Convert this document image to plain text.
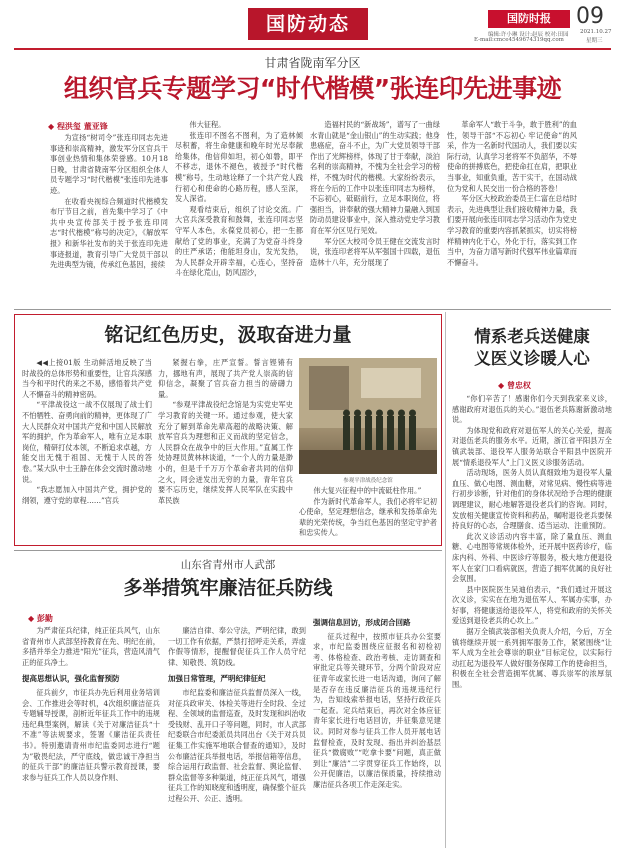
国防动态	国防时报	09
编辑:许小琳 设计:赵辰 校对:田园
E-mail:cmce4549674319qq.com
2021.10.27
星期三
甘肃省陇南军分区
组织官兵专题学习“时代楷模”张连印先进事迹
◆ 程洪玺 董亚锋

为宣扬“树司令”张连印同志先进事迹和崇高精神，激发军分区官兵干事创业热情和集体荣誉感。10月18日晚，甘肃省陇南军分区组织全体人员专题学习“时代楷模”张连印先进事迹。

在收看央视综合频道时代楷模发布厅节目之前，首先集中学习了《中共中央宣传部关于授予张连印同志“时代楷模”称号的决定》，《解放军报》和新华社发布的关于张连印先进事迹报道，教育引导广大党员干部以先进典型为镜，传承红色基因，接续

伟大征程。

张连印不图名不图利，为了造林倾尽积蓄，将生命健康和晚年时光尽奉献给集体，他信仰如坦，初心如磐，即平不移志，退休不褪色，被授予“时代楷模”称号，生动地诠释了一个共产党人践行初心和使命的心路历程，感人至深，发人深省。

观看结束后，组织了讨论交流。广大官兵深受教育和鼓舞，张连印同志坚守军人本色，永葆党员初心，把一生都献给了党的事业，充满了为党奋斗终身的庄严承诺；他能坦身山，发光发热，为人民群众开辟幸福，心连心，坚持奋斗在绿化荒山，防风固沙，

造福村民的“新战场”，谱写了一曲绿水青山就是“金山银山”的生动实践；他身患癌症，奋斗不止，为广大党员领导干部作出了光辉榜样，体现了甘于奉献，淡泊名利的崇高精神，不愧为全社会学习的榜样，不愧为时代的楷模。大家纷纷表示，将在今后的工作中以张连印同志为榜样，不忘初心，砥砺前行，立足本职岗位，将强担当，讲奉献的强大精神力量融入到国防动员建设事业中，深入推动党史学习教育在军分区见行见效。

军分区大校司令员王健在交流发言时说，张连印老将军从军强国十四载，退伍造林十八年，充分展现了

革命军人“敢于斗争，敢于胜利”的血性，领导干部“不忘初心 牢记使命”的风采，作为一名新时代国动人，我们要以实际行动，认真学习老将军不负韶华，不辱使命的拼搏底色，把使命扛在肩，把职业当事业，知重负重，苦干实干，在国动战位为党和人民交出一份合格的答卷！

军分区大校政治委员王仁富在总结时表示，先进典型让我们接收精神力量，我们要开展向张连印同志学习活动作为党史学习教育的重要内容抓紧抓实，切实将榜样精神内化于心，外化于行，落实到工作当中，为奋力谱写新时代强军伟业篇章而不懈奋斗。

铭记红色历史，汲取奋进力量

◀◀上接01版 生动鲜活地反映了当时战役的总体形势和重要性，让官兵深感当今和平时代的来之不易，感悟着共产党人不懈奋斗的精神密码。

“平津战役这一战不仅展现了战士们不怕牺牲、奋勇向前的精神，更体现了广大人民群众对中国共产党和中国人民解放军的拥护，作为革命军人，唯有立足本职岗位，精研打仗本领，不断追求卓越，方能交出无愧于祖国、无愧于人民的答卷。”某大队中士王静在体会交流时激动地说。

“我志愿加入中国共产党，拥护党的纲领，遵守党的章程……”官兵

紧握右拳，庄严宣誓。誓言铿锵有力，挪地有声，展现了共产党人崇高的信仰信念，凝聚了官兵奋力担当的磅礴力量。

“参观平津战役纪念馆是为实党史军史学习教育的关键一环。通过参观，使大家充分了解到革命先辈高超的战略决策、解放军官兵为理想和正义而战的坚定信念，人民群众在战争中的巨大作用。”直属工作处协理员黄林林谈道，“一个人的力量是渺小的，但是千千万万个革命者共同的信仰之火，同会迸发出无穷的力量，青年官兵要不忘历史，继续发挥人民军队在实践中革民族

参观平津战役纪念馆

伟大复兴征程中的中流砥柱作用。”

作为新时代革命军人，我们必将牢记初心使命，坚定理想信念，继承和发扬革命先辈的光荣传统，争当红色基因的坚定守护者和忠实传人。

情系老兵送健康
义医义诊暖人心
◆ 曾忠权

“你们辛苦了！感谢你们今天到我家来义诊，感谢政府对退伍兵的关心。”退伍老兵陈谢新激动地说。

为体现党和政府对退伍军人的关心关爱，提高对退伍老兵的服务水平。近期，浙江省平阳县万全镇武装部、退役军人服务站联合平阳县中医院开展“情系退役军人”上门义医义诊服务活动。

活动现场，医务人员认真细致地为退役军人量血压、做心电图、测血糖，对常见病、慢性病等进行初步诊断，针对他们的身体状况给予合理的健康调理建议，耐心地解答退役老兵们的咨询。同时，发放相关健康宣传资料和药品，嘱咐退役老兵要保持良好的心态，合理膳食、适当运动、注重预防。

此次义诊活动内容丰富，除了量血压、测血糖、心电图等常规体检外，还开展中医药诊疗，临床内科、外科、中医诊疗等服务，极大地方便退役军人在家门口看病就医，营造了拥军优属的良好社会氛围。

县中医院医生吴迪伯表示，“我们通过开展这次义诊，实实在在地为退伍军人、军属办实事，办好事，将健康送给退役军人，将党和政府的关怀关爱送到退役老兵的心坎上。”

据万全镇武装部相关负责人介绍，今后，万全镇将继续开展一系列拥军服务工作，紧紧围绕“让军人成为全社会尊崇的职业”目标定位，以实际行动扛起为退役军人做好服务保障工作的使命担当，积极在全社会营造拥军优属、尊兵崇军的浓厚氛围。

山东省青州市人武部
多举措筑牢廉洁征兵防线
◆ 彭勤

为严肃征兵纪律，纯正征兵风气，山东省青州市人武部坚持教育在先、明纪在前，多措并举全力推进“阳光”征兵，营造风清气正的征兵净土。

提高思想认识，强化监督预防

征兵前夕，市征兵办先后利用业务培训会、工作推进会等时机，4次组织廉洁征兵专题辅导授课，剖析近年征兵工作中的违规违纪典型案例，解读《关于对廉洁征兵“十不准”等法规要求，签署《廉洁征兵责任书》。特别邀请青州市纪监委同志进行“题为”敬畏纪法，严守底线，做忠诚干净担当的征兵干部”的廉洁征兵警示教育授课，要求参与征兵工作人员以身作则、

廉洁自律、奉公守法，严明纪律，敢到一切工作有依据，严禁打招呼走关系，弄虚作假等情形，提醒督促征兵工作人员守纪律、知敬畏、筑防线。

加强日常管理，严明纪律征纪

市纪监委和廉洁征兵监督员深入一线，对征兵政审关、体检关等进行全时段、全过程、全领域的监督巡查，及时发现和纠治收受钱财、乱开口子等问题，同时，市人武部纪委联合市纪委派员共同出台《关于对兵员征集工作实施军地联合督查的通知》，及时公布廉洁征兵举报电话，举报信箱等信息，综合运用行政监督、社会监督、舆论监督、群众监督等多种渠道，纯正征兵风气，增强征兵工作的知晓度和透明度，确保整个征兵过程公开、公正、透明。

强调信息回访，形成闭合回路

征兵过程中，按照市征兵办公室要求，市纪监委围绕应征报名和初检初考、体格检查、政治考核、走访调查和审批定兵等关键环节，分两个阶段对应征青年或家长进一电话沟通，询问了解是否存在违反廉洁征兵的违规违纪行为，告知线索举报电话，坚持行政征兵一起查。定兵结束后，再次对全体应征青年家长进行电话回访，并征集意见建议。同时对参与征兵工作人员开展电话监督检查，及时发现、指出并纠治基层征兵“微腐败”“吃拿卡要”问题，真正做到让“廉洁”二字贯穿征兵工作始终，以公开促廉洁，以廉洁保质量，持续推动廉洁征兵各项工作走深走实。
